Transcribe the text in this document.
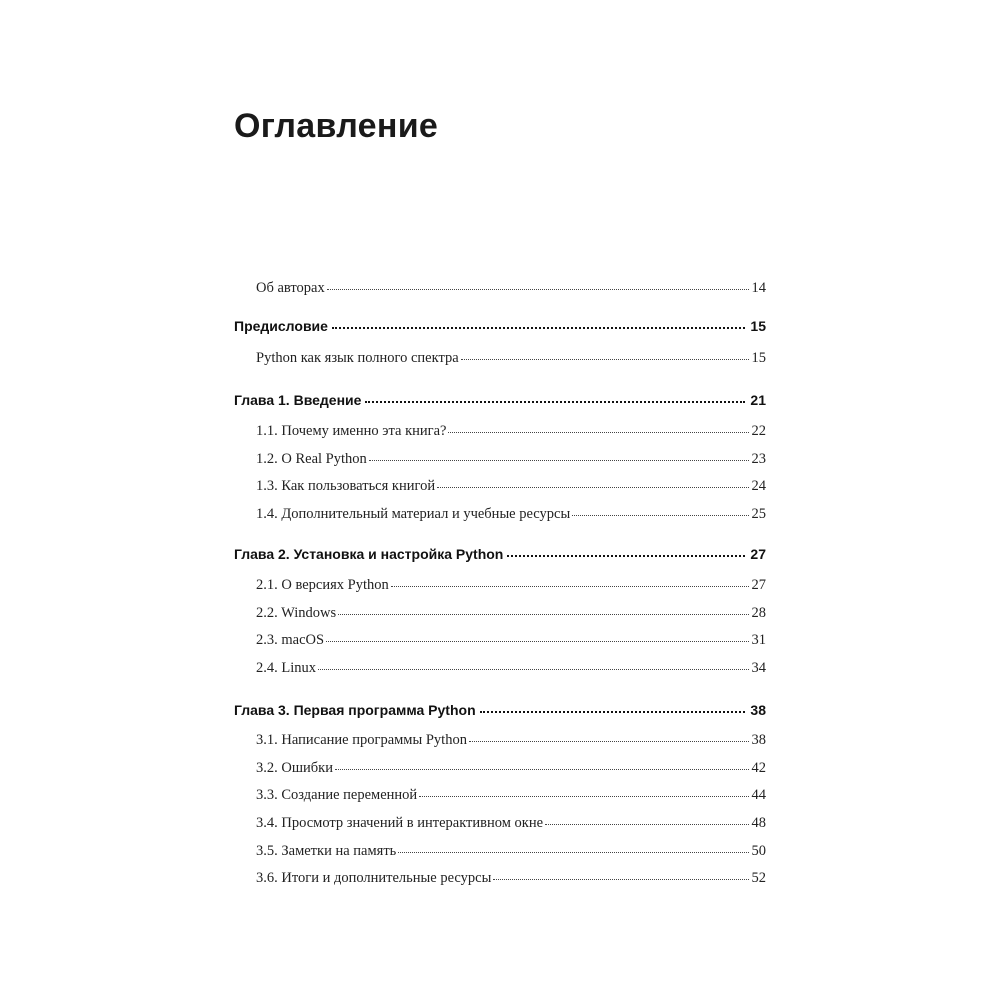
Оглавление
Об авторах	14
Предисловие	15
Python как язык полного спектра	15
Глава 1. Введение	21
1.1. Почему именно эта книга?	22
1.2. О Real Python	23
1.3. Как пользоваться книгой	24
1.4. Дополнительный материал и учебные ресурсы	25
Глава 2. Установка и настройка Python	27
2.1. О версиях Python	27
2.2. Windows	28
2.3. macOS	31
2.4. Linux	34
Глава 3. Первая программа Python	38
3.1. Написание программы Python	38
3.2. Ошибки	42
3.3. Создание переменной	44
3.4. Просмотр значений в интерактивном окне	48
3.5. Заметки на память	50
3.6. Итоги и дополнительные ресурсы	52
